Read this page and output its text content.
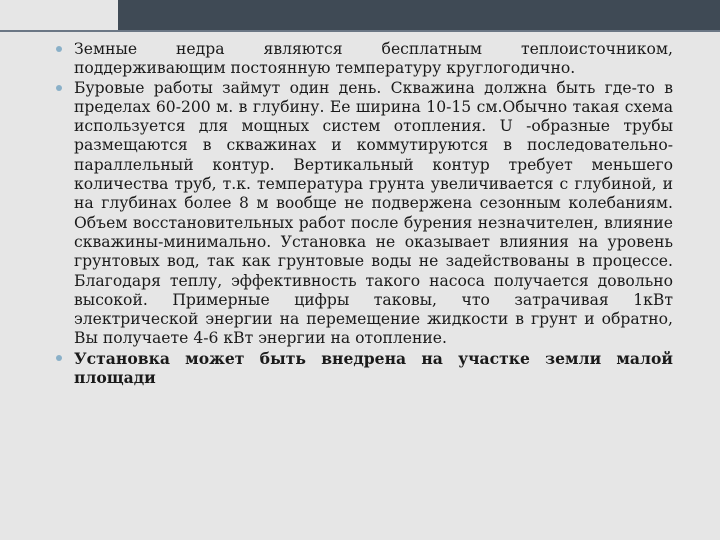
Земные недра являются бесплатным теплоисточником, поддерживающим постоянную температуру круглогодично.
Буровые работы займут один день. Скважина должна быть где-то в пределах 60-200 м. в глубину. Ее ширина 10-15 см.Обычно такая схема используется для мощных систем отопления. U -образные трубы размещаются в скважинах и коммутируются в последовательно-параллельный контур. Вертикальный контур требует меньшего количества труб, т.к. температура грунта увеличивается с глубиной, и на глубинах более 8 м вообще не подвержена сезонным колебаниям. Объем восстановительных работ после бурения незначителен, влияние скважины-минимально. Установка не оказывает влияния на уровень грунтовых вод, так как грунтовые воды не задействованы в процессе. Благодаря теплу, эффективность такого насоса получается довольно высокой. Примерные цифры таковы, что затрачивая 1кВт электрической энергии на перемещение жидкости в грунт и обратно, Вы получаете 4-6 кВт энергии на отопление.
Установка может быть внедрена на участке земли малой площади
